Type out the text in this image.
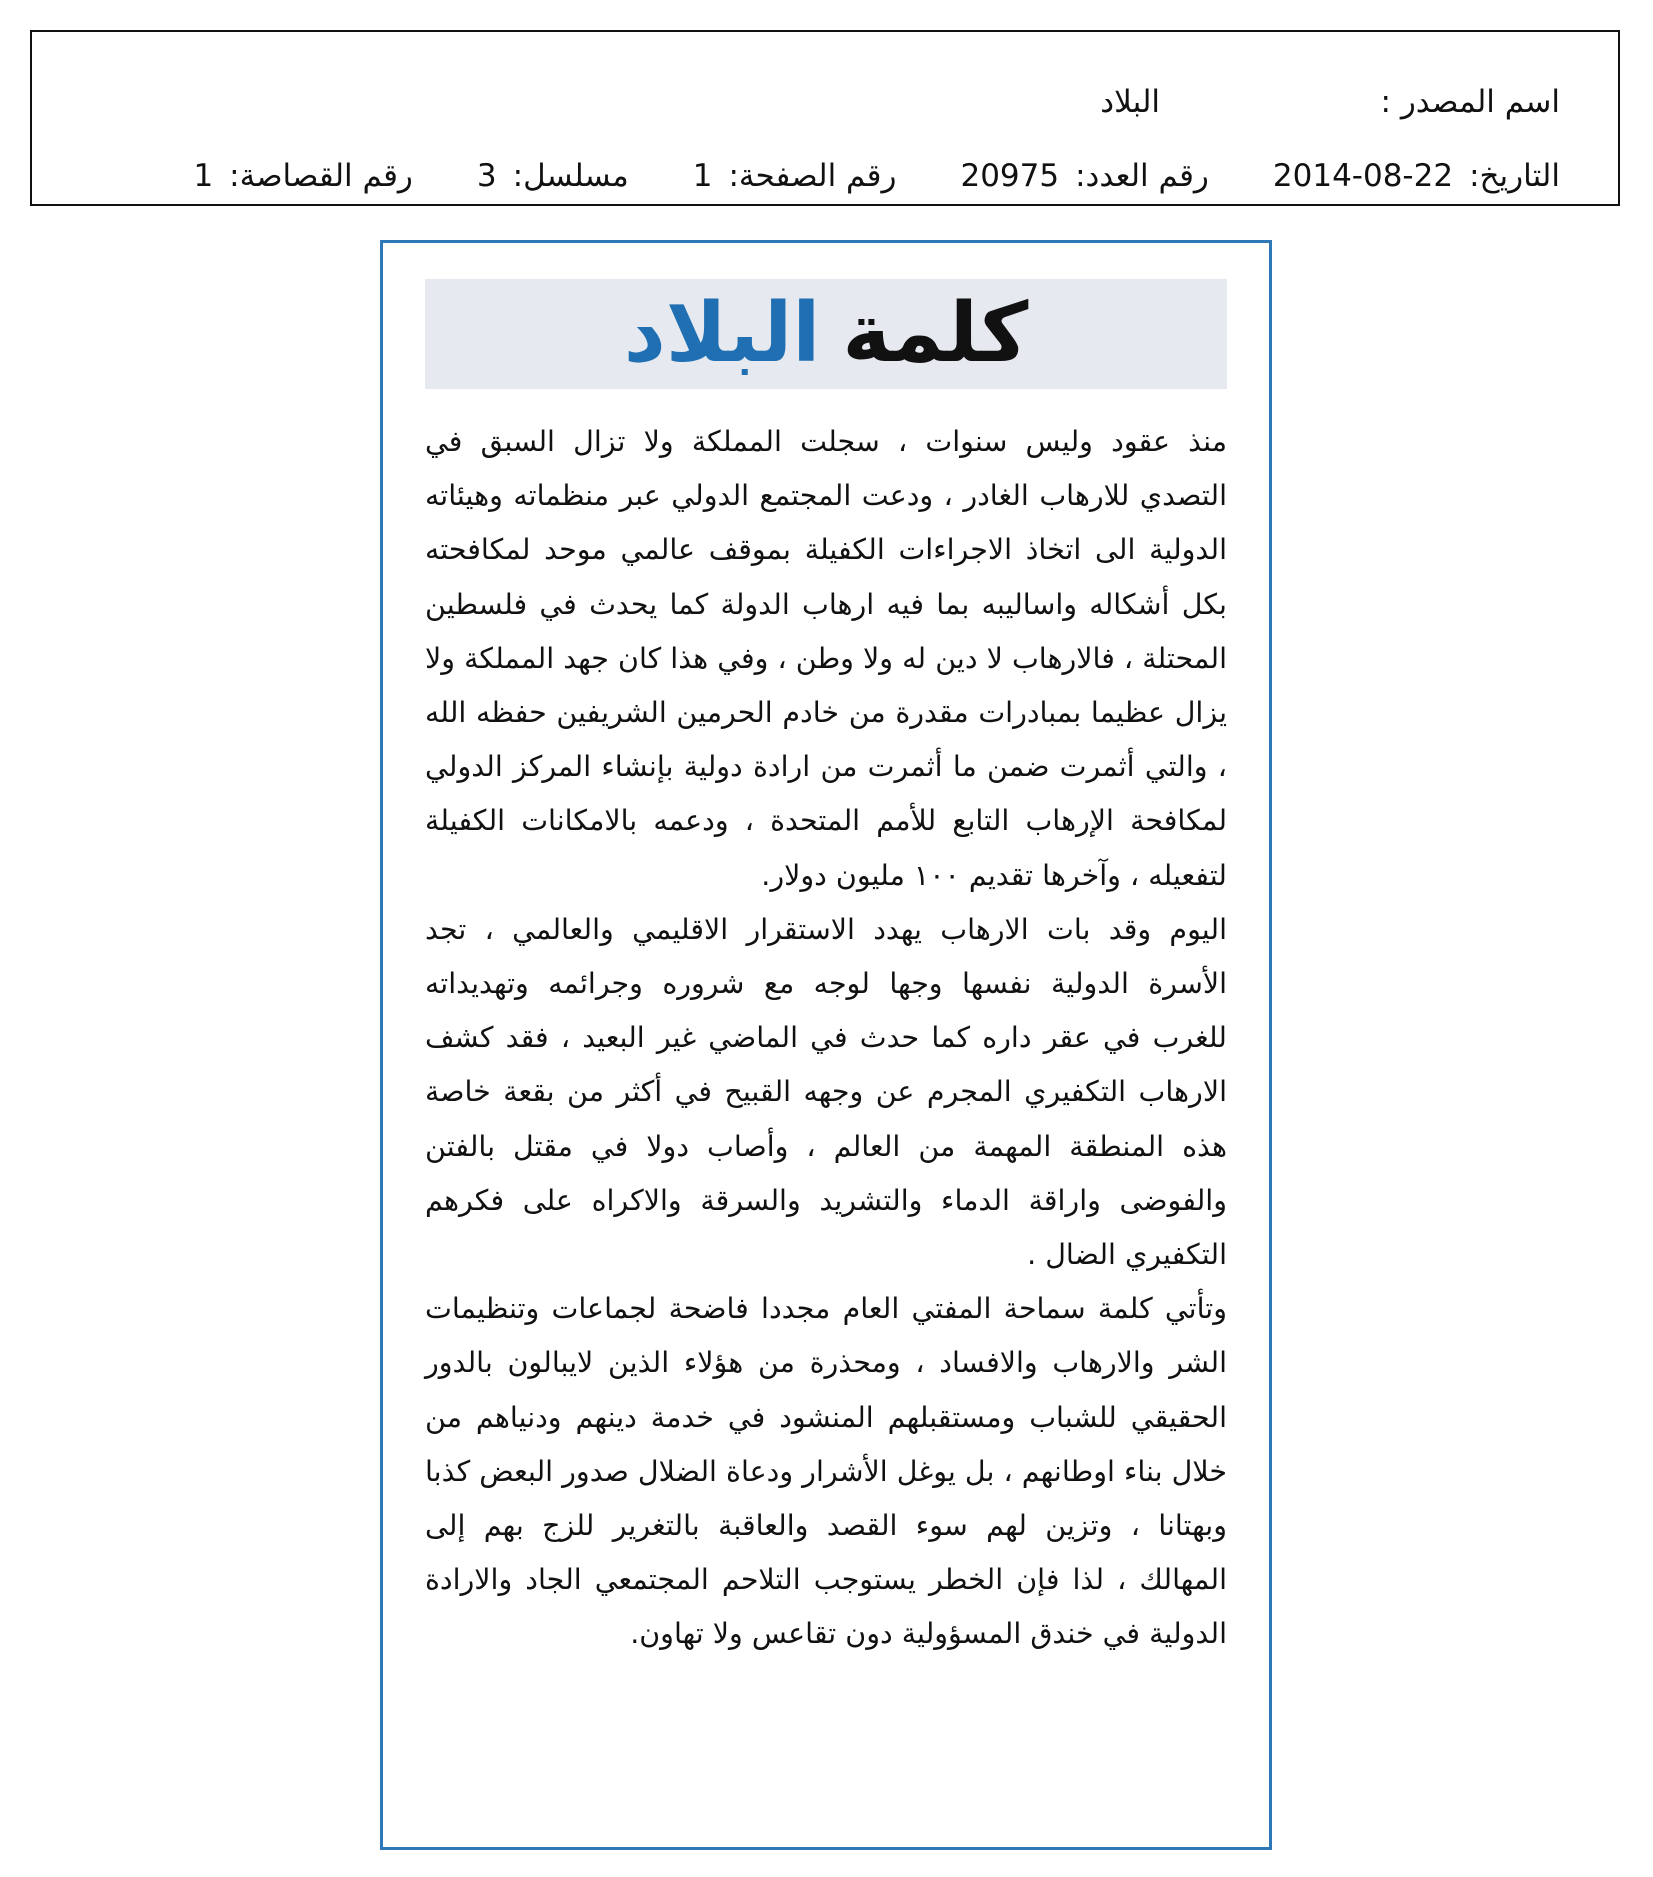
اسم المصدر :
البلاد
التاريخ:
2014-08-22
رقم العدد:
20975
رقم الصفحة:
1
مسلسل:
3
رقم القصاصة:
1
كلمةالبلاد

منذ عقود وليس سنوات ، سجلت المملكة ولا تزال السبق في التصدي للارهاب الغادر ، ودعت المجتمع الدولي عبر منظماته وهيئاته الدولية الى اتخاذ الاجراءات الكفيلة بموقف عالمي موحد لمكافحته بكل أشكاله واساليبه بما فيه ارهاب الدولة كما يحدث في فلسطين المحتلة ، فالارهاب لا دين له ولا وطن ، وفي هذا كان جهد المملكة ولا يزال عظيما بمبادرات مقدرة من خادم الحرمين الشريفين حفظه الله ، والتي أثمرت ضمن ما أثمرت من ارادة دولية بإنشاء المركز الدولي لمكافحة الإرهاب التابع للأمم المتحدة ، ودعمه بالامكانات الكفيلة لتفعيله ، وآخرها تقديم ١٠٠ مليون دولار.

اليوم وقد بات الارهاب يهدد الاستقرار الاقليمي والعالمي ، تجد الأسرة الدولية نفسها وجها لوجه مع شروره وجرائمه وتهديداته للغرب في عقر داره كما حدث في الماضي غير البعيد ، فقد كشف الارهاب التكفيري المجرم عن وجهه القبيح في أكثر من بقعة خاصة هذه المنطقة المهمة من العالم ، وأصاب دولا في مقتل بالفتن والفوضى واراقة الدماء والتشريد والسرقة والاكراه على فكرهم التكفيري الضال .

وتأتي كلمة سماحة المفتي العام مجددا فاضحة لجماعات وتنظيمات الشر والارهاب والافساد ، ومحذرة من هؤلاء الذين لايبالون بالدور الحقيقي للشباب ومستقبلهم المنشود في خدمة دينهم ودنياهم من خلال بناء اوطانهم ، بل يوغل الأشرار ودعاة الضلال صدور البعض كذبا وبهتانا ، وتزين لهم سوء القصد والعاقبة بالتغرير للزج بهم إلى المهالك ، لذا فإن الخطر يستوجب التلاحم المجتمعي الجاد والارادة الدولية في خندق المسؤولية دون تقاعس ولا تهاون.
